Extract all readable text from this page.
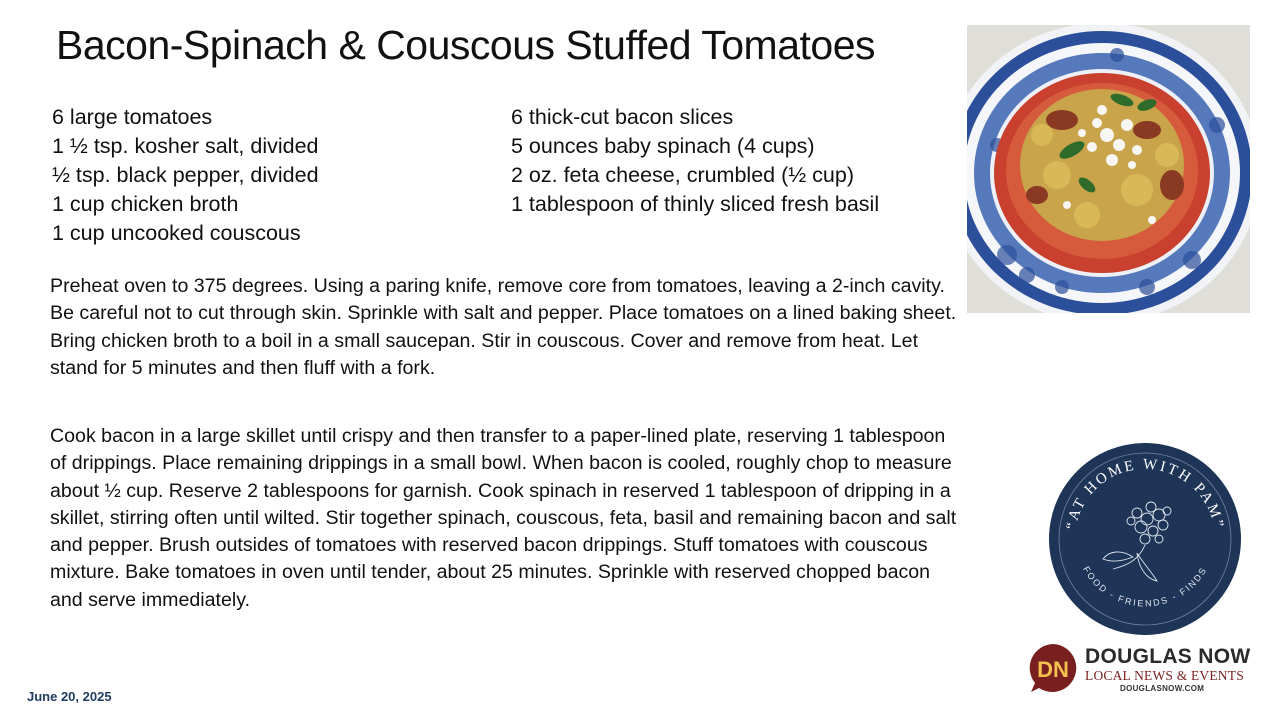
Bacon-Spinach & Couscous Stuffed Tomatoes
6 large tomatoes
1 ½ tsp. kosher salt, divided
½ tsp. black pepper, divided
1 cup chicken broth
1 cup uncooked couscous
6 thick-cut bacon slices
5 ounces baby spinach (4 cups)
2 oz. feta cheese, crumbled (½ cup)
1 tablespoon of thinly sliced fresh basil
Preheat oven to 375 degrees. Using a paring knife, remove core from tomatoes, leaving a 2-inch cavity. Be careful not to cut through skin. Sprinkle with salt and pepper. Place tomatoes on a lined baking sheet. Bring chicken broth to a boil in a small saucepan. Stir in couscous. Cover and remove from heat. Let stand for 5 minutes and then fluff with a fork.
Cook bacon in a large skillet until crispy and then transfer to a paper-lined plate, reserving 1 tablespoon of drippings. Place remaining drippings in a small bowl. When bacon is cooled, roughly chop to measure about ½ cup. Reserve 2 tablespoons for garnish. Cook spinach in reserved 1 tablespoon of dripping in a skillet, stirring often until wilted. Stir together spinach, couscous, feta, basil and remaining bacon and salt and pepper. Brush outsides of tomatoes with reserved bacon drippings. Stuff tomatoes with couscous mixture. Bake tomatoes in oven until tender, about 25 minutes. Sprinkle with reserved chopped bacon and serve immediately.
June 20, 2025
“AT HOME WITH PAM”
FOOD - FRIENDS - FINDS
DN
DOUGLAS NOW
LOCAL NEWS & EVENTS
DOUGLASNOW.COM
